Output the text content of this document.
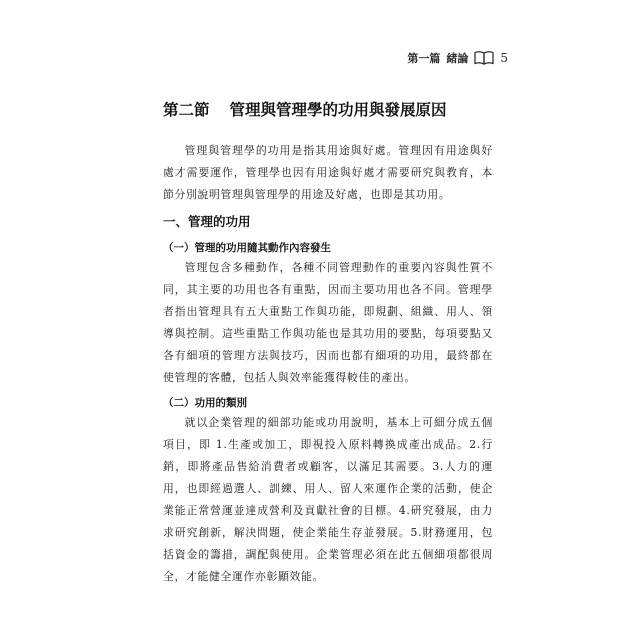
第一篇 緒論	5
第二節 管理與管理學的功用與發展原因

管理與管理學的功用是指其用途與好處。管理因有用途與好處才需要運作，管理學也因有用途與好處才需要研究與教育，本節分別說明管理與管理學的用途及好處，也即是其功用。

一、管理的功用
（一）管理的功用隨其動作內容發生

管理包含多種動作，各種不同管理動作的重要內容與性質不同，其主要的功用也各有重點，因而主要功用也各不同。管理學者指出管理具有五大重點工作與功能，即規劃、組織、用人、領導與控制。這些重點工作與功能也是其功用的要點，每項要點又各有細項的管理方法與技巧，因而也都有細項的功用，最終都在使管理的客體，包括人與效率能獲得較佳的產出。

（二）功用的類別

就以企業管理的細部功能或功用說明，基本上可細分成五個項目，即 1.生產或加工，即視投入原料轉換成產出成品。2.行銷，即將產品售給消費者或顧客，以滿足其需要。3.人力的運用，也即經過選人、訓練、用人、留人來運作企業的活動，使企業能正常營運並達成營利及貢獻社會的目標。4.研究發展，由力求研究創新，解決問題，使企業能生存並發展。5.財務運用，包括資金的籌措，調配與使用。企業管理必須在此五個細項都很周全，才能健全運作亦彰顯效能。
